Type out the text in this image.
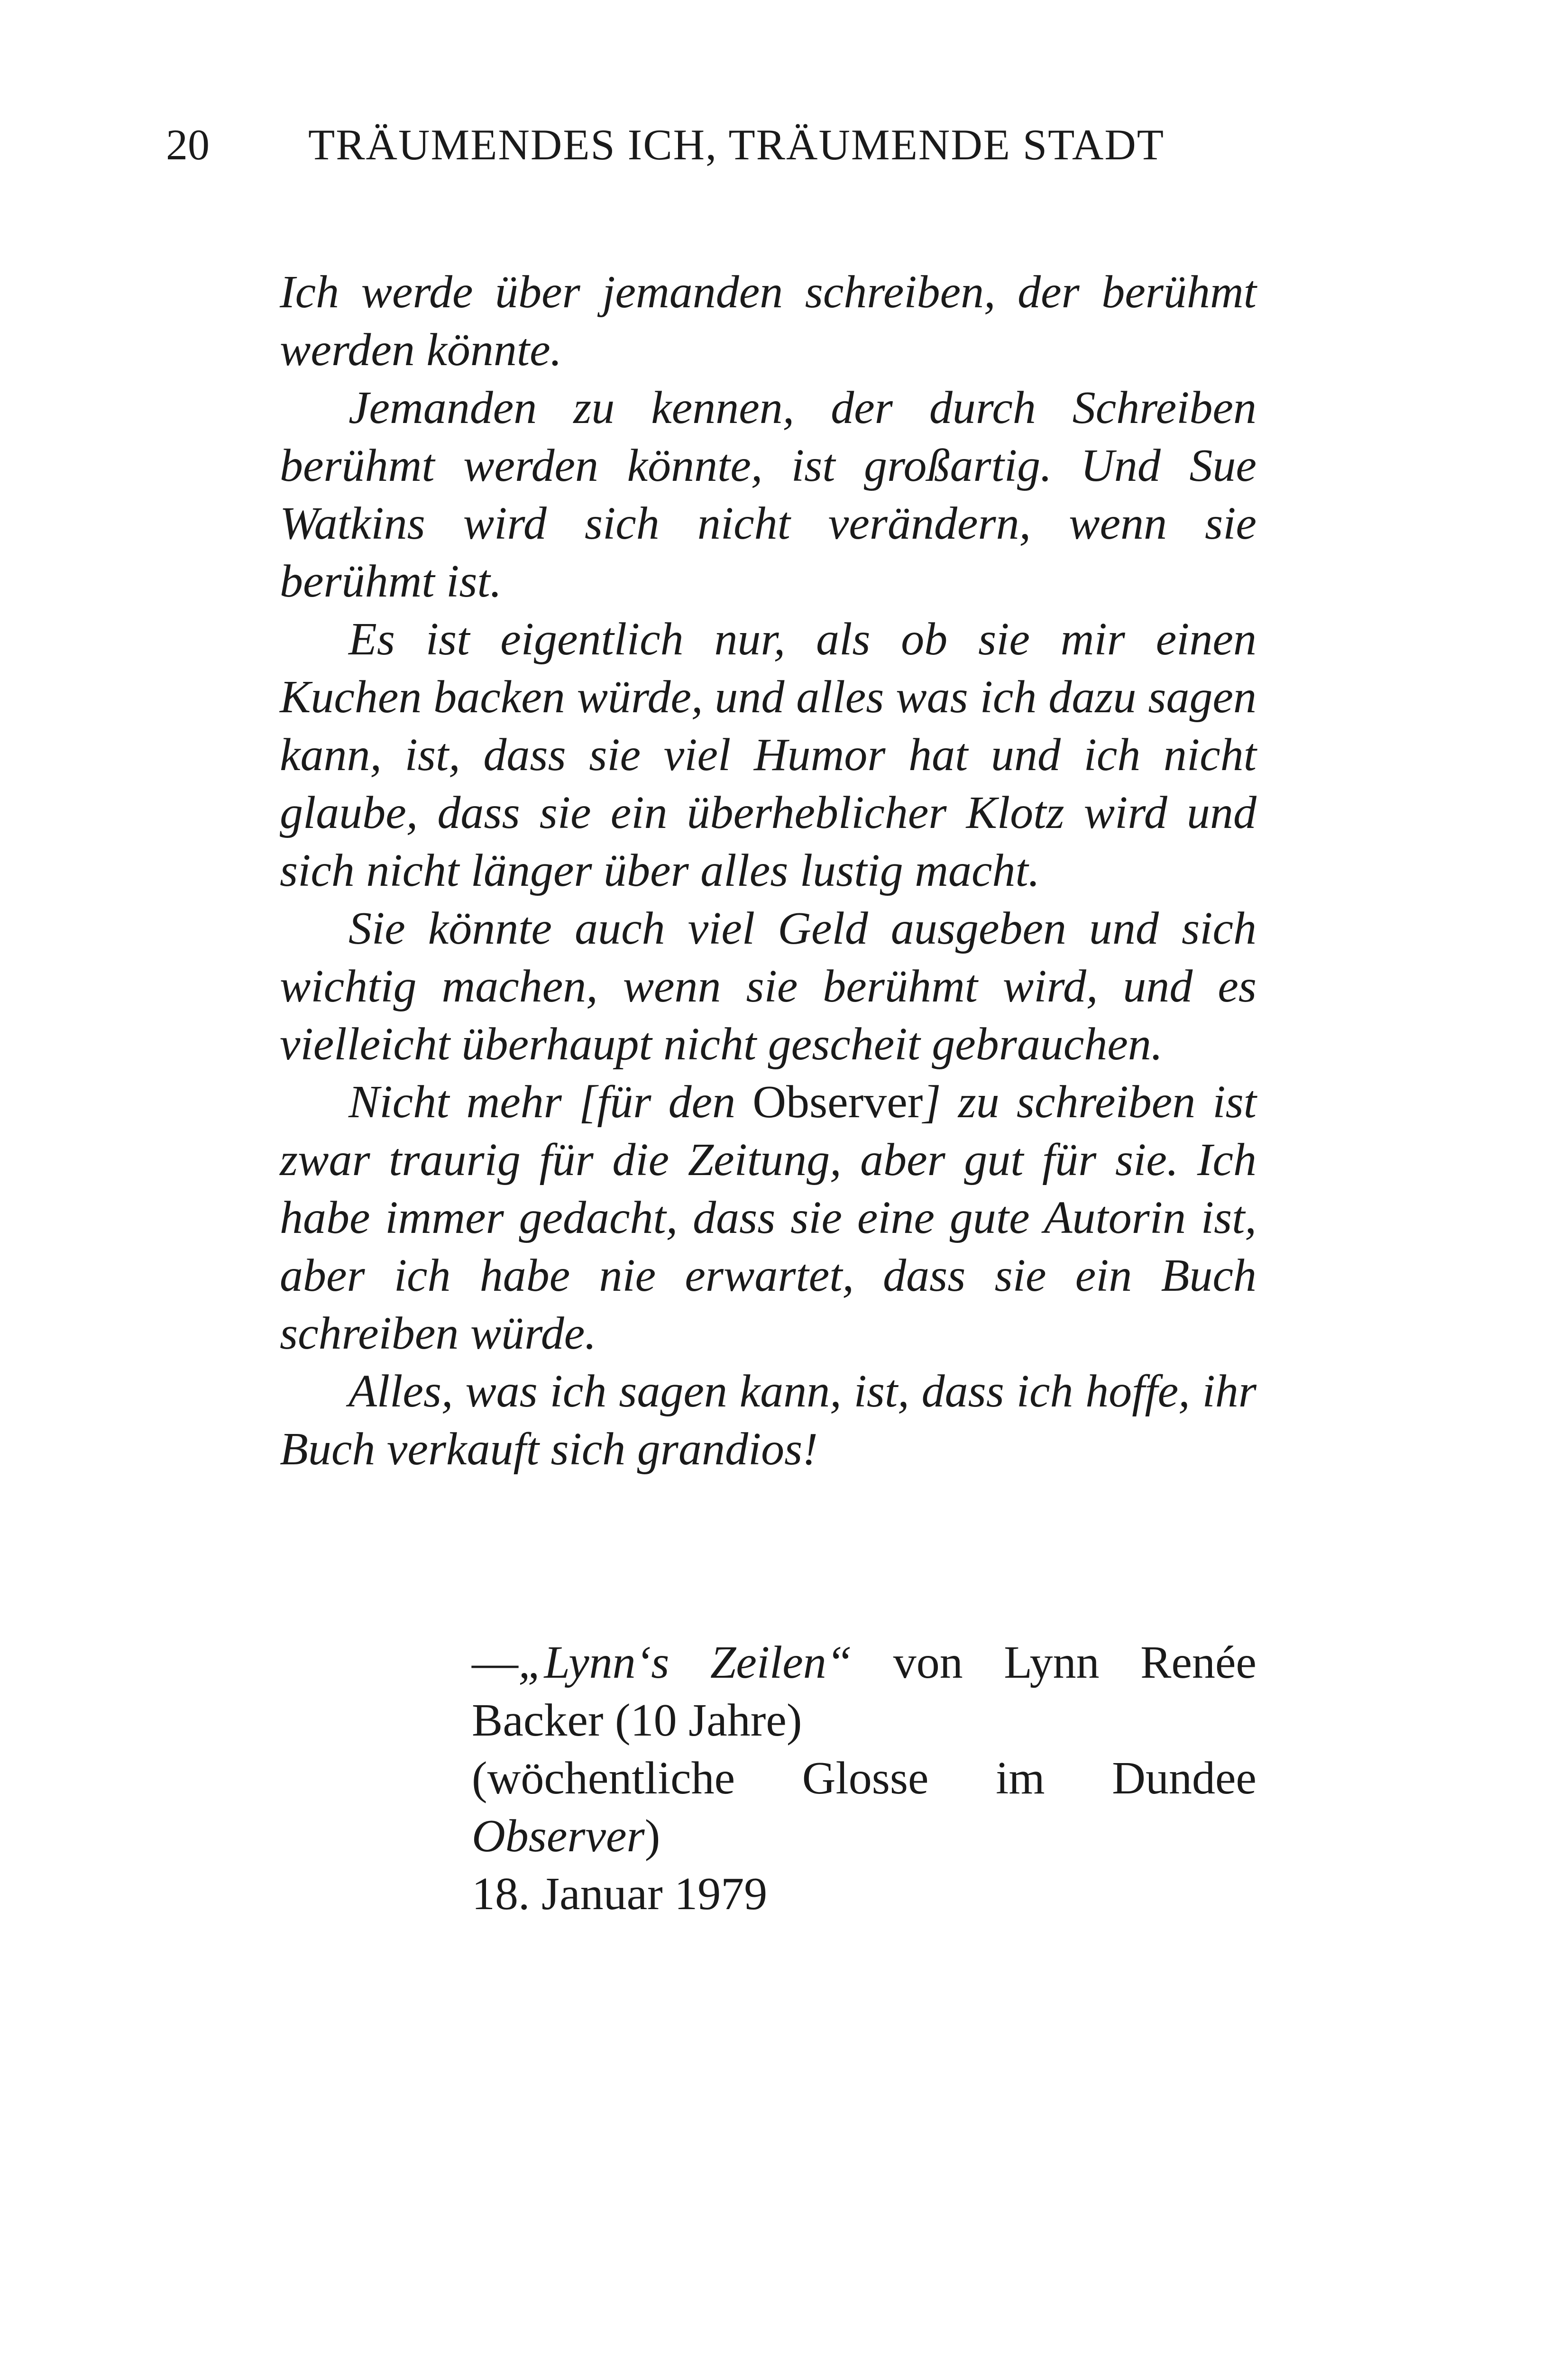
20 TRÄUMENDES ICH, TRÄUMENDE STADT

Ich werde über jemanden schreiben, der berühmt werden könnte.

Jemanden zu kennen, der durch Schreiben berühmt werden könnte, ist großartig. Und Sue Watkins wird sich nicht verändern, wenn sie berühmt ist.

Es ist eigentlich nur, als ob sie mir einen Kuchen backen würde, und alles was ich dazu sagen kann, ist, dass sie viel Humor hat und ich nicht glaube, dass sie ein überheblicher Klotz wird und sich nicht länger über alles lustig macht.

Sie könnte auch viel Geld ausgeben und sich wichtig machen, wenn sie berühmt wird, und es vielleicht überhaupt nicht gescheit gebrauchen.

Nicht mehr [für den Observer] zu schreiben ist zwar traurig für die Zeitung, aber gut für sie. Ich habe immer gedacht, dass sie eine gute Autorin ist, aber ich habe nie erwartet, dass sie ein Buch schreiben würde.

Alles, was ich sagen kann, ist, dass ich hoffe, ihr Buch verkauft sich grandios!

—„Lynn‘s Zeilen“ von Lynn Renée Backer (10 Jahre)

(wöchentliche Glosse im Dundee Observer)

18. Januar 1979
